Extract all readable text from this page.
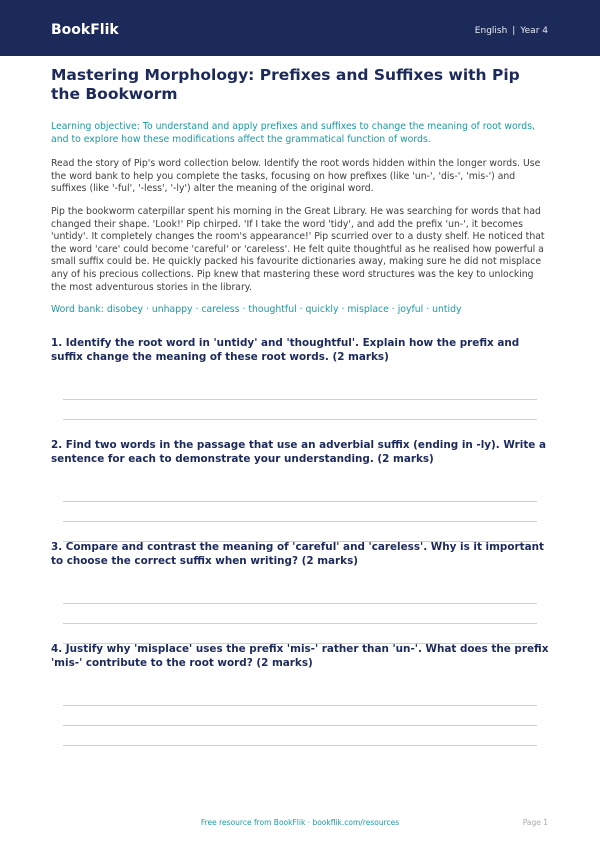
BookFlik	English | Year 4
Mastering Morphology: Prefixes and Suffixes with Pip the Bookworm

Learning objective: To understand and apply prefixes and suffixes to change the meaning of root words, and to explore how these modifications affect the grammatical function of words.

Read the story of Pip's word collection below. Identify the root words hidden within the longer words. Use the word bank to help you complete the tasks, focusing on how prefixes (like 'un-', 'dis-', 'mis-') and suffixes (like '-ful', '-less', '-ly') alter the meaning of the original word.

Pip the bookworm caterpillar spent his morning in the Great Library. He was searching for words that had changed their shape. 'Look!' Pip chirped. 'If I take the word 'tidy', and add the prefix 'un-', it becomes 'untidy'. It completely changes the room's appearance!' Pip scurried over to a dusty shelf. He noticed that the word 'care' could become 'careful' or 'careless'. He felt quite thoughtful as he realised how powerful a small suffix could be. He quickly packed his favourite dictionaries away, making sure he did not misplace any of his precious collections. Pip knew that mastering these word structures was the key to unlocking the most adventurous stories in the library.

Word bank: disobey · unhappy · careless · thoughtful · quickly · misplace · joyful · untidy

1. Identify the root word in 'untidy' and 'thoughtful'. Explain how the prefix and suffix change the meaning of these root words. (2 marks)

2. Find two words in the passage that use an adverbial suffix (ending in -ly). Write a sentence for each to demonstrate your understanding. (2 marks)

3. Compare and contrast the meaning of 'careful' and 'careless'. Why is it important to choose the correct suffix when writing? (2 marks)

4. Justify why 'misplace' uses the prefix 'mis-' rather than 'un-'. What does the prefix 'mis-' contribute to the root word? (2 marks)

Free resource from BookFlik · bookflik.com/resources	Page 1
